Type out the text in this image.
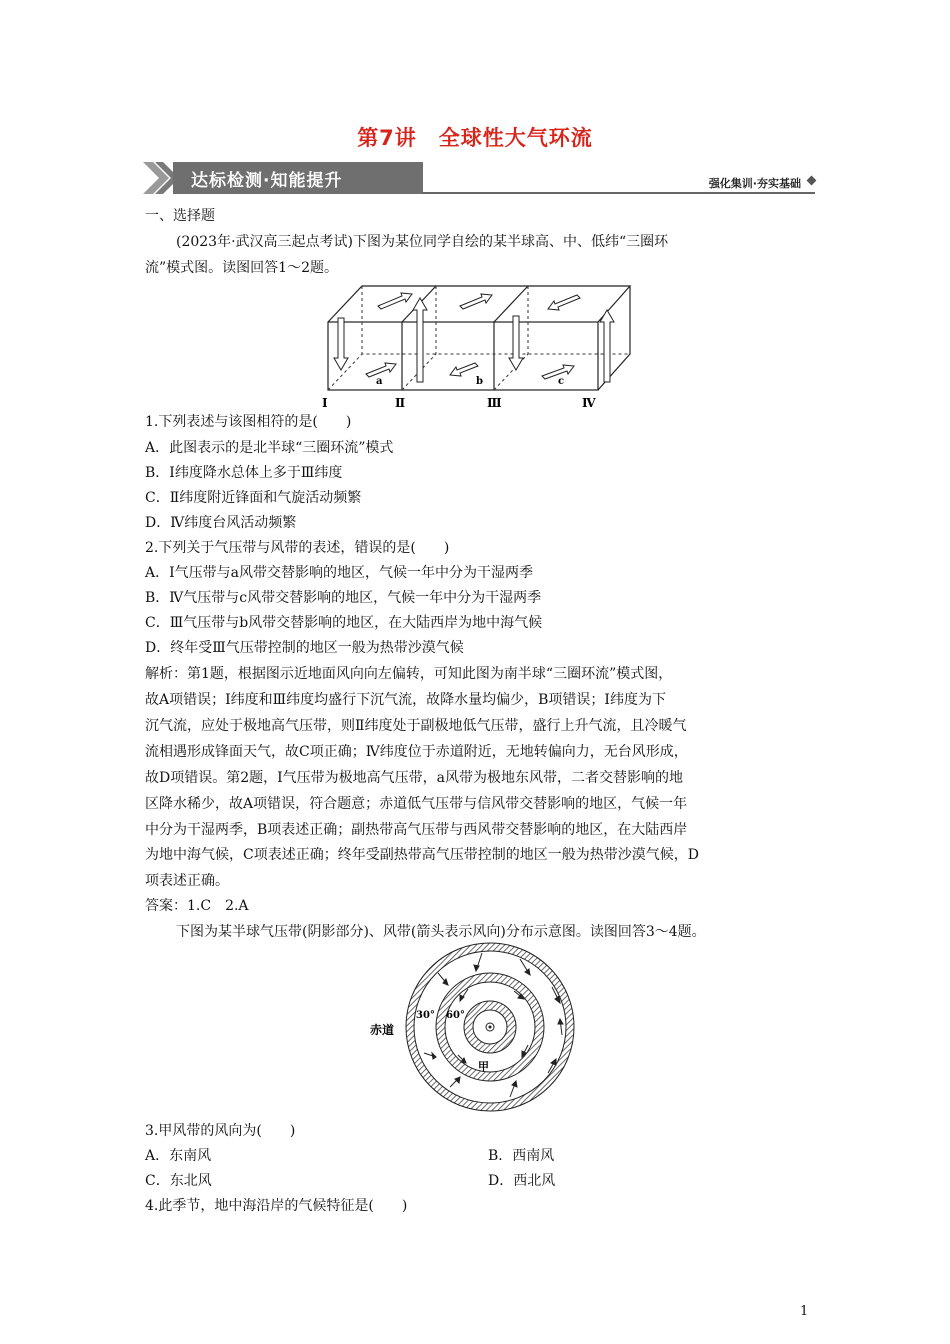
第7讲　全球性大气环流
达标检测·知能提升	强化集训·夯实基础
一、选择题
(2023年·武汉高三起点考试)下图为某位同学自绘的某半球高、中、低纬“三圈环
流”模式图。读图回答1～2题。
a	b	c
Ⅰ	Ⅱ	Ⅲ	Ⅳ
1.下列表述与该图相符的是(　　)
A．此图表示的是北半球“三圈环流”模式
B．Ⅰ纬度降水总体上多于Ⅲ纬度
C．Ⅱ纬度附近锋面和气旋活动频繁
D．Ⅳ纬度台风活动频繁
2.下列关于气压带与风带的表述，错误的是(　　)
A．Ⅰ气压带与a风带交替影响的地区，气候一年中分为干湿两季
B．Ⅳ气压带与c风带交替影响的地区，气候一年中分为干湿两季
C．Ⅲ气压带与b风带交替影响的地区，在大陆西岸为地中海气候
D．终年受Ⅲ气压带控制的地区一般为热带沙漠气候
解析：第1题，根据图示近地面风向向左偏转，可知此图为南半球“三圈环流”模式图，
故A项错误；Ⅰ纬度和Ⅲ纬度均盛行下沉气流，故降水量均偏少，B项错误；Ⅰ纬度为下
沉气流，应处于极地高气压带，则Ⅱ纬度处于副极地低气压带，盛行上升气流，且冷暖气
流相遇形成锋面天气，故C项正确；Ⅳ纬度位于赤道附近，无地转偏向力，无台风形成，
故D项错误。第2题，Ⅰ气压带为极地高气压带，a风带为极地东风带，二者交替影响的地
区降水稀少，故A项错误，符合题意；赤道低气压带与信风带交替影响的地区，气候一年
中分为干湿两季，B项表述正确；副热带高气压带与西风带交替影响的地区，在大陆西岸
为地中海气候，C项表述正确；终年受副热带高气压带控制的地区一般为热带沙漠气候，D
项表述正确。
答案：1.C　2.A
下图为某半球气压带(阴影部分)、风带(箭头表示风向)分布示意图。读图回答3～4题。
赤道
30° 60°
甲
3.甲风带的风向为(　　)
A．东南风	B．西南风
C．东北风	D．西北风
4.此季节，地中海沿岸的气候特征是(　　)
1
